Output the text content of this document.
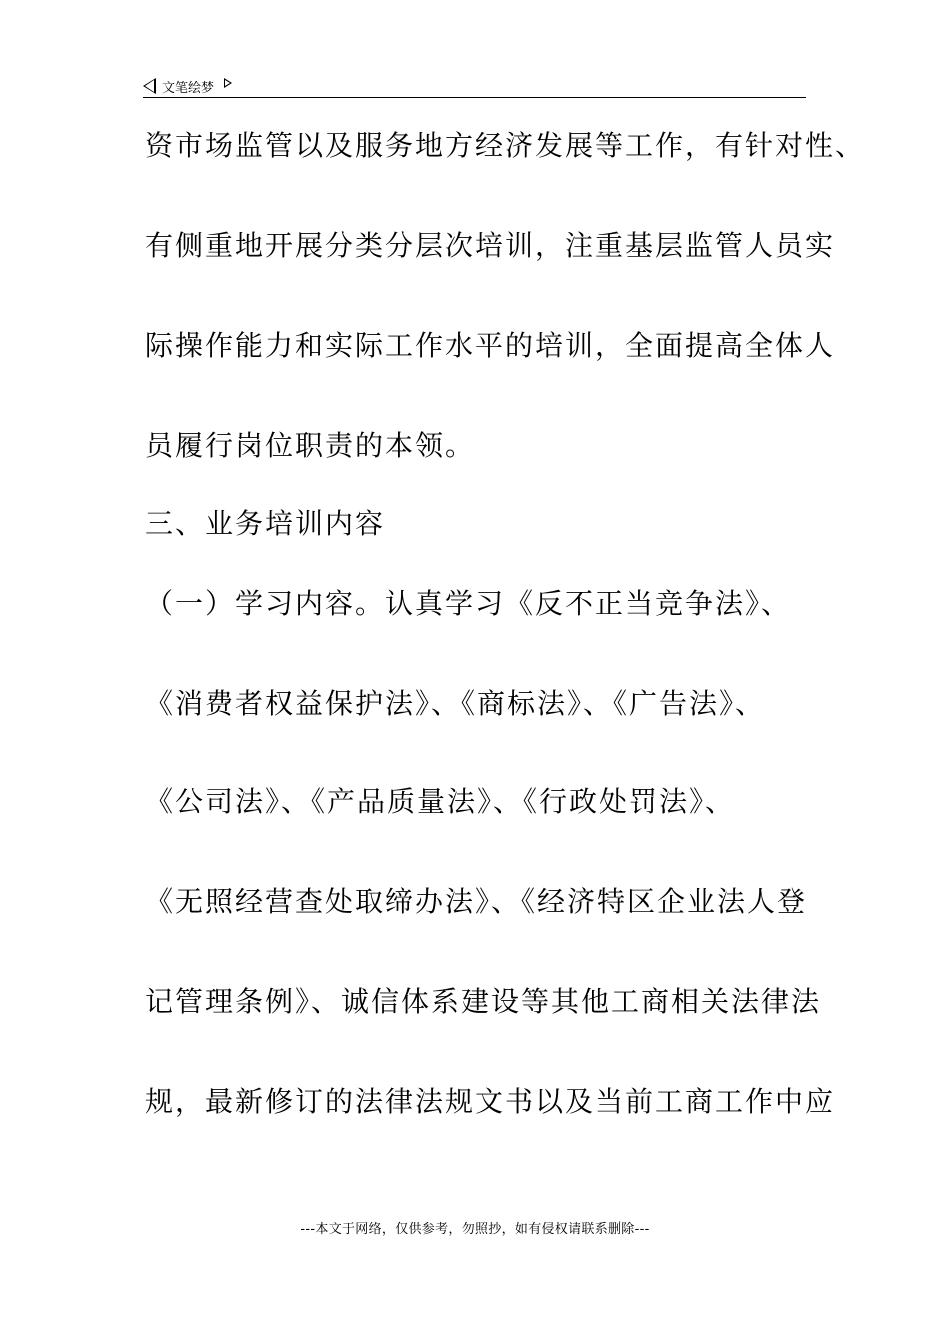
文笔绘梦
资市场监管以及服务地方经济发展等工作，有针对性、
有侧重地开展分类分层次培训，注重基层监管人员实
际操作能力和实际工作水平的培训，全面提高全体人
员履行岗位职责的本领。
三、业务培训内容
（一）学习内容。认真学习《反不正当竞争法》、
《消费者权益保护法》、《商标法》、《广告法》、
《公司法》、《产品质量法》、《行政处罚法》、
《无照经营查处取缔办法》、《经济特区企业法人登
记管理条例》、诚信体系建设等其他工商相关法律法
规，最新修订的法律法规文书以及当前工商工作中应
---本文于网络，仅供参考，勿照抄，如有侵权请联系删除---
